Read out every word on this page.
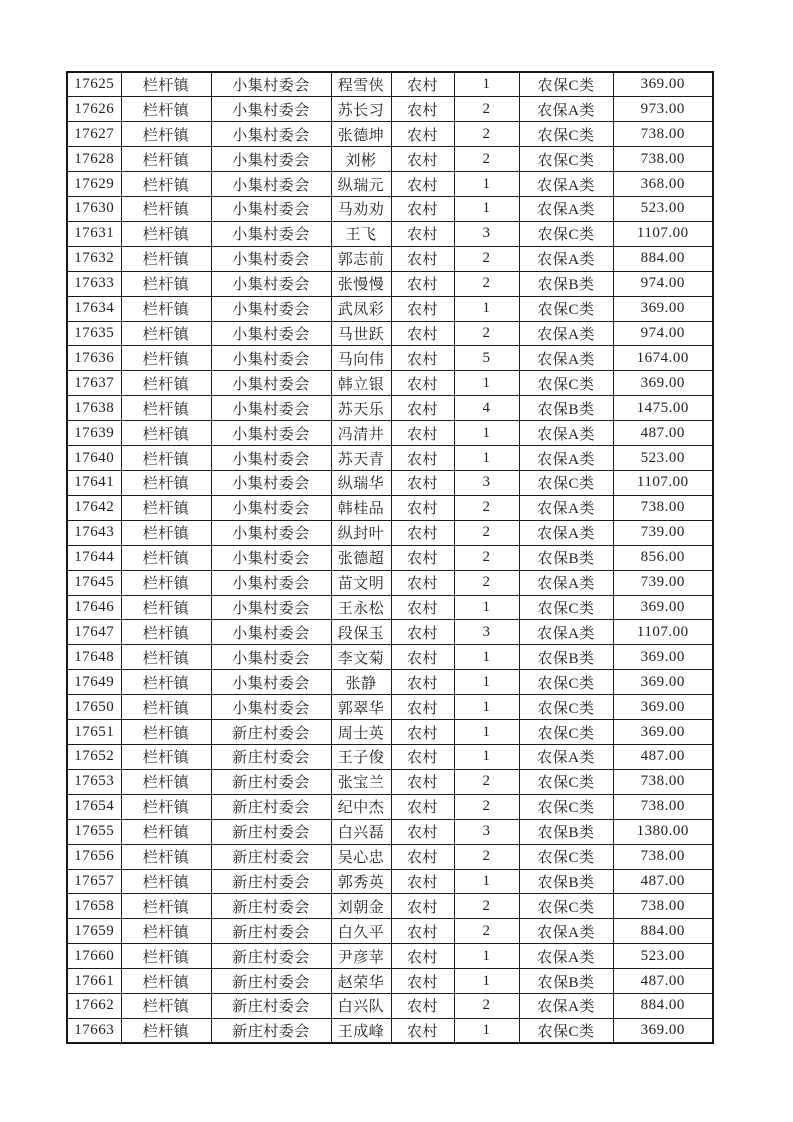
17625	栏杆镇	小集村委会	程雪侠	农村	1	农保C类	369.00
17626	栏杆镇	小集村委会	苏长习	农村	2	农保A类	973.00
17627	栏杆镇	小集村委会	张德坤	农村	2	农保C类	738.00
17628	栏杆镇	小集村委会	刘彬	农村	2	农保C类	738.00
17629	栏杆镇	小集村委会	纵瑞元	农村	1	农保A类	368.00
17630	栏杆镇	小集村委会	马劝劝	农村	1	农保A类	523.00
17631	栏杆镇	小集村委会	王飞	农村	3	农保C类	1107.00
17632	栏杆镇	小集村委会	郭志前	农村	2	农保A类	884.00
17633	栏杆镇	小集村委会	张慢慢	农村	2	农保B类	974.00
17634	栏杆镇	小集村委会	武凤彩	农村	1	农保C类	369.00
17635	栏杆镇	小集村委会	马世跃	农村	2	农保A类	974.00
17636	栏杆镇	小集村委会	马向伟	农村	5	农保A类	1674.00
17637	栏杆镇	小集村委会	韩立银	农村	1	农保C类	369.00
17638	栏杆镇	小集村委会	苏天乐	农村	4	农保B类	1475.00
17639	栏杆镇	小集村委会	冯清井	农村	1	农保A类	487.00
17640	栏杆镇	小集村委会	苏天青	农村	1	农保A类	523.00
17641	栏杆镇	小集村委会	纵瑞华	农村	3	农保C类	1107.00
17642	栏杆镇	小集村委会	韩桂品	农村	2	农保A类	738.00
17643	栏杆镇	小集村委会	纵封叶	农村	2	农保A类	739.00
17644	栏杆镇	小集村委会	张德超	农村	2	农保B类	856.00
17645	栏杆镇	小集村委会	苗文明	农村	2	农保A类	739.00
17646	栏杆镇	小集村委会	王永松	农村	1	农保C类	369.00
17647	栏杆镇	小集村委会	段保玉	农村	3	农保A类	1107.00
17648	栏杆镇	小集村委会	李文菊	农村	1	农保B类	369.00
17649	栏杆镇	小集村委会	张静	农村	1	农保C类	369.00
17650	栏杆镇	小集村委会	郭翠华	农村	1	农保C类	369.00
17651	栏杆镇	新庄村委会	周士英	农村	1	农保C类	369.00
17652	栏杆镇	新庄村委会	王子俊	农村	1	农保A类	487.00
17653	栏杆镇	新庄村委会	张宝兰	农村	2	农保C类	738.00
17654	栏杆镇	新庄村委会	纪中杰	农村	2	农保C类	738.00
17655	栏杆镇	新庄村委会	白兴磊	农村	3	农保B类	1380.00
17656	栏杆镇	新庄村委会	吴心忠	农村	2	农保C类	738.00
17657	栏杆镇	新庄村委会	郭秀英	农村	1	农保B类	487.00
17658	栏杆镇	新庄村委会	刘朝金	农村	2	农保C类	738.00
17659	栏杆镇	新庄村委会	白久平	农村	2	农保A类	884.00
17660	栏杆镇	新庄村委会	尹彦苹	农村	1	农保A类	523.00
17661	栏杆镇	新庄村委会	赵荣华	农村	1	农保B类	487.00
17662	栏杆镇	新庄村委会	白兴队	农村	2	农保A类	884.00
17663	栏杆镇	新庄村委会	王成峰	农村	1	农保C类	369.00
